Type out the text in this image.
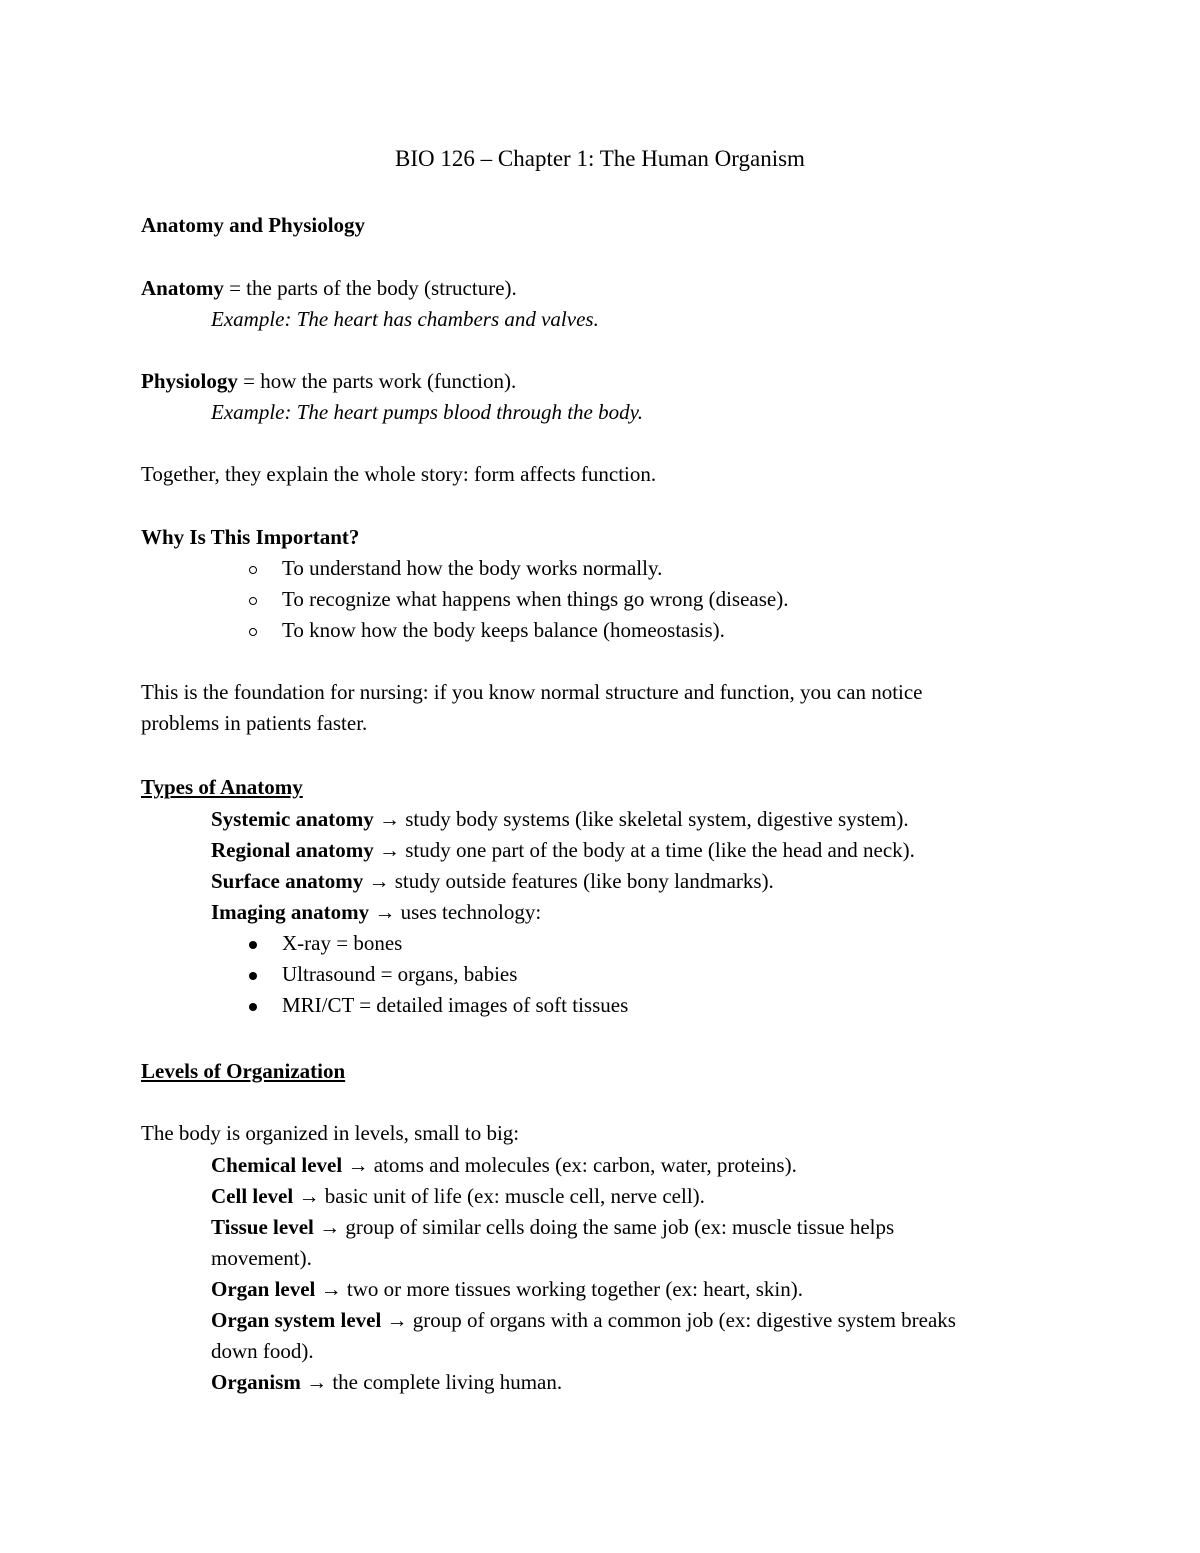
BIO 126 – Chapter 1: The Human Organism
Anatomy and Physiology
Anatomy = the parts of the body (structure).
Example: The heart has chambers and valves.
Physiology = how the parts work (function).
Example: The heart pumps blood through the body.
Together, they explain the whole story: form affects function.
Why Is This Important?
To understand how the body works normally.
To recognize what happens when things go wrong (disease).
To know how the body keeps balance (homeostasis).
This is the foundation for nursing: if you know normal structure and function, you can notice
problems in patients faster.
Types of Anatomy
Systemic anatomy → study body systems (like skeletal system, digestive system).
Regional anatomy → study one part of the body at a time (like the head and neck).
Surface anatomy → study outside features (like bony landmarks).
Imaging anatomy → uses technology:
X-ray = bones
Ultrasound = organs, babies
MRI/CT = detailed images of soft tissues
Levels of Organization
The body is organized in levels, small to big:
Chemical level → atoms and molecules (ex: carbon, water, proteins).
Cell level → basic unit of life (ex: muscle cell, nerve cell).
Tissue level → group of similar cells doing the same job (ex: muscle tissue helps
movement).
Organ level → two or more tissues working together (ex: heart, skin).
Organ system level → group of organs with a common job (ex: digestive system breaks
down food).
Organism → the complete living human.
